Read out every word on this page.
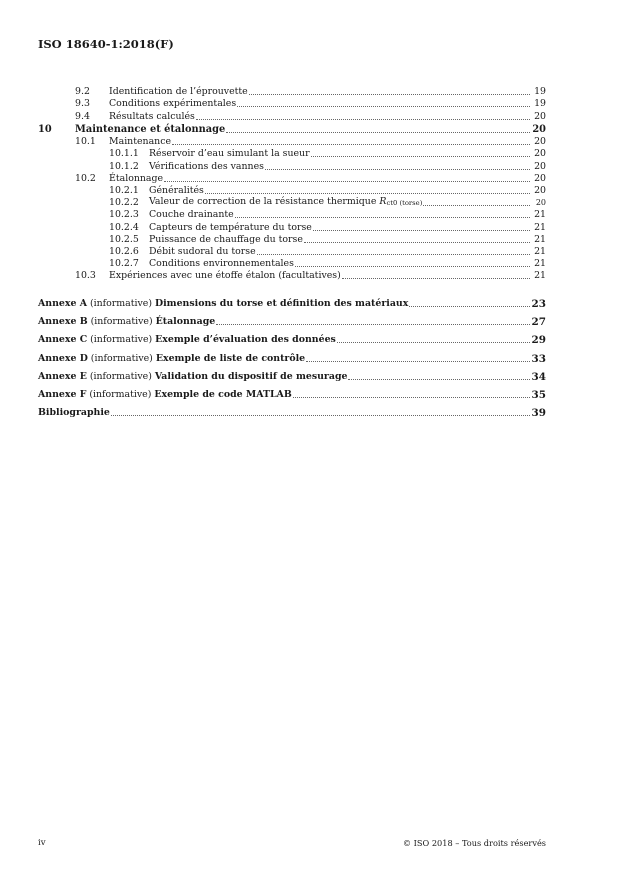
ISO 18640-1:2018(F)
9.2	Identification de l’éprouvette	19
9.3	Conditions expérimentales	19
9.4	Résultats calculés	20
10	Maintenance et étalonnage	20
10.1	Maintenance	20
10.1.1	Réservoir d’eau simulant la sueur	20
10.1.2	Vérifications des vannes	20
10.2	Étalonnage	20
10.2.1	Généralités	20
10.2.2	Valeur de correction de la résistance thermique Rct0 (torse)	20
10.2.3	Couche drainante	21
10.2.4	Capteurs de température du torse	21
10.2.5	Puissance de chauffage du torse	21
10.2.6	Débit sudoral du torse	21
10.2.7	Conditions environnementales	21
10.3	Expériences avec une étoffe étalon (facultatives)	21
Annexe A (informative) Dimensions du torse et définition des matériaux	23
Annexe B (informative) Étalonnage	27
Annexe C (informative) Exemple d’évaluation des données	29
Annexe D (informative) Exemple de liste de contrôle	33
Annexe E (informative) Validation du dispositif de mesurage	34
Annexe F (informative) Exemple de code MATLAB	35
Bibliographie	39
iv	© ISO 2018 – Tous droits réservés
